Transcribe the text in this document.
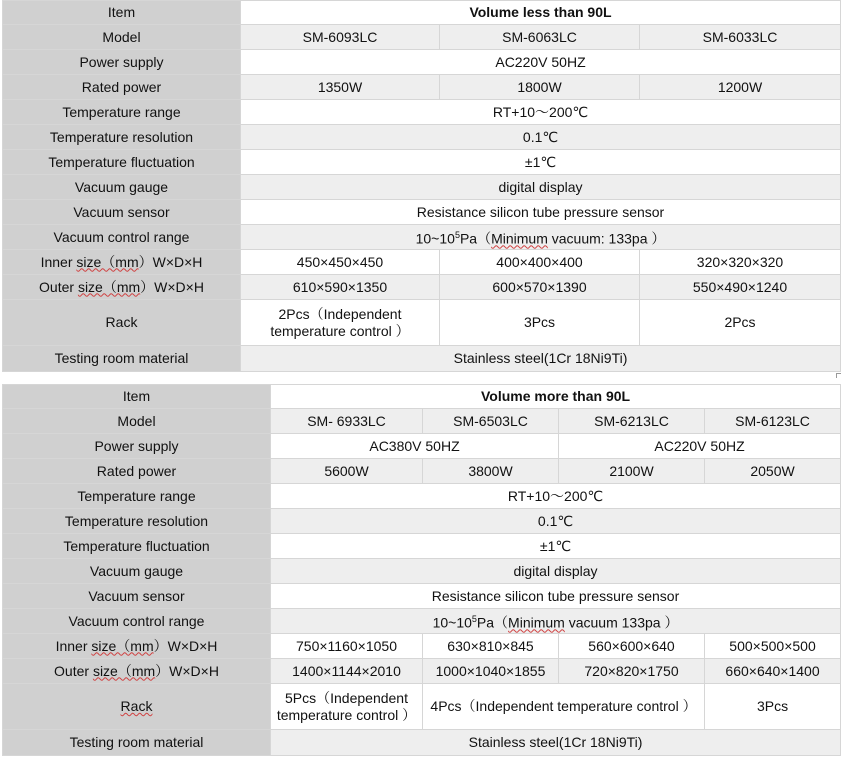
Item	Volume less than 90L		
Model	SM-6093LC	SM-6063LC	SM-6033LC
Power supply	AC220V 50HZ		
Rated power	1350W	1800W	1200W
Temperature range	RT+10～200℃		
Temperature resolution	0.1℃		
Temperature fluctuation	±1℃		
Vacuum gauge	digital display		
Vacuum sensor	Resistance silicon tube pressure sensor		
Vacuum control range	$10\sim 10^5Pa(Minimum$ vacuum: 133pa ）		
Inner size（mm）W×D×H	450×450×450	400×400×400	320×320×320
Outer size（mm）W×D×H	610×590×1350	600×570×1390	550×490×1240
Rack	2Pcs（Independent temperature control ）	3Pcs	2Pcs
Testing room material	Stainless steel(1Cr 18Ni9Ti)		
Item	Volume more than 90L			
Model	SM- 6933LC	SM-6503LC	SM-6213LC	SM-6123LC
Power supply	AC380V 50HZ		AC220V 50HZ	
Rated power	5600W	3800W	2100W	2050W
Temperature range	RT+10～200℃			
Temperature resolution	0.1℃			
Temperature fluctuation	±1℃			
Vacuum gauge	digital display			
Vacuum sensor	Resistance silicon tube pressure sensor			
Vacuum control range	$10\sim 10^5Pa(Minimum$ vacuum 133pa ）			
Inner size（mm）W×D×H	750×1160×1050	630×810×845	560×600×640	500×500×500
Outer size（mm）W×D×H	1400×1144×2010	1000×1040×1855	720×820×1750	660×640×1400
Rack	5Pcs（Independent temperature control ）	4Pcs（Independent temperature control ）		3Pcs
Testing room material	Stainless steel(1Cr 18Ni9Ti)			
